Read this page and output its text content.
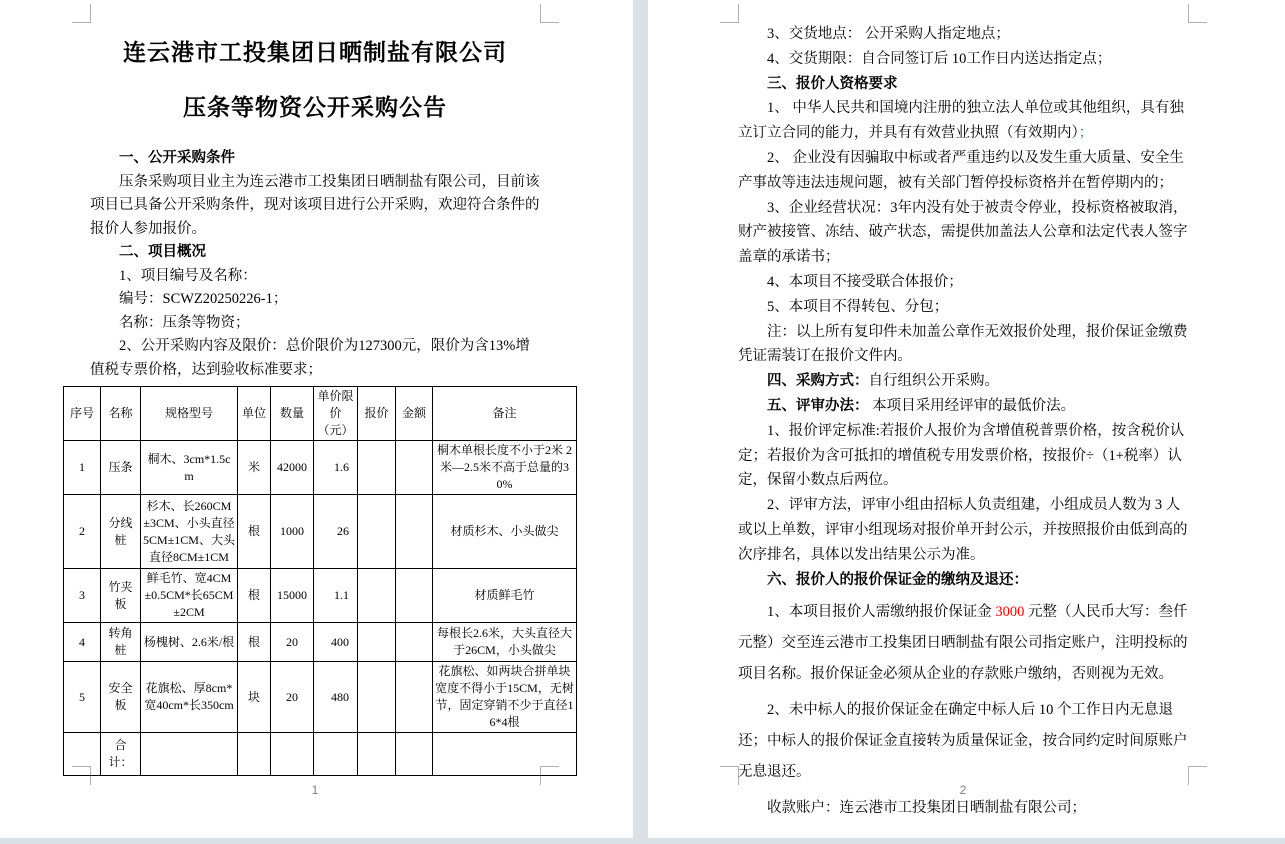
连云港市工投集团日晒制盐有限公司
压条等物资公开采购公告
一、公开采购条件
压条采购项目业主为连云港市工投集团日晒制盐有限公司，目前该项目已具备公开采购条件，现对该项目进行公开采购，欢迎符合条件的报价人参加报价。
二、项目概况
1、项目编号及名称：
编号：SCWZ20250226-1；
名称：压条等物资；
2、公开采购内容及限价：总价限价为127300元，限价为含13%增值税专票价格，达到验收标准要求；
序号	名称	规格型号	单位	数量	单价限价（元）	报价	金额	备注
1	压条	桐木、3cm*1.5cm	米	42000	1.6			桐木单根长度不小于2米 2米—2.5米不高于总量的30%
2	分线桩	杉木、长260CM±3CM、小头直径5CM±1CM、大头直径8CM±1CM	根	1000	26			材质杉木、小头做尖
3	竹夹板	鲜毛竹、宽4CM±0.5CM*长65CM±2CM	根	15000	1.1			材质鲜毛竹
4	转角桩	杨槐树、2.6米/根	根	20	400			每根长2.6米，大头直径大于26CM，小头做尖
5	安全板	花旗松、厚8cm*宽40cm*长350cm	块	20	480			花旗松、如两块合拼单块宽度不得小于15CM，无树节，固定穿销不少于直径16*4根
	合计：							
1
3、交货地点： 公开采购人指定地点；
4、交货期限：自合同签订后 10工作日内送达指定点；
三、报价人资格要求
1、 中华人民共和国境内注册的独立法人单位或其他组织，具有独立订立合同的能力，并具有有效营业执照（有效期内）；
2、 企业没有因骗取中标或者严重违约以及发生重大质量、安全生产事故等违法违规问题，被有关部门暂停投标资格并在暂停期内的；
3、企业经营状况：3年内没有处于被责令停业，投标资格被取消，财产被接管、冻结、破产状态，需提供加盖法人公章和法定代表人签字盖章的承诺书；
4、本项目不接受联合体报价；
5、本项目不得转包、分包；
注：以上所有复印件未加盖公章作无效报价处理，报价保证金缴费凭证需装订在报价文件内。
四、采购方式：自行组织公开采购。
五、评审办法： 本项目采用经评审的最低价法。
1、报价评定标准:若报价人报价为含增值税普票价格，按含税价认定；若报价为含可抵扣的增值税专用发票价格，按报价÷（1+税率）认定，保留小数点后两位。
2、评审方法，评审小组由招标人负责组建，小组成员人数为 3 人或以上单数，评审小组现场对报价单开封公示，并按照报价由低到高的次序排名，具体以发出结果公示为准。
六、报价人的报价保证金的缴纳及退还：
1、本项目报价人需缴纳报价保证金 3000 元整（人民币大写：叁仟元整）交至连云港市工投集团日晒制盐有限公司指定账户，注明投标的项目名称。报价保证金必须从企业的存款账户缴纳，否则视为无效。
2、未中标人的报价保证金在确定中标人后 10 个工作日内无息退还；中标人的报价保证金直接转为质量保证金，按合同约定时间原账户无息退还。
收款账户：连云港市工投集团日晒制盐有限公司；
2
